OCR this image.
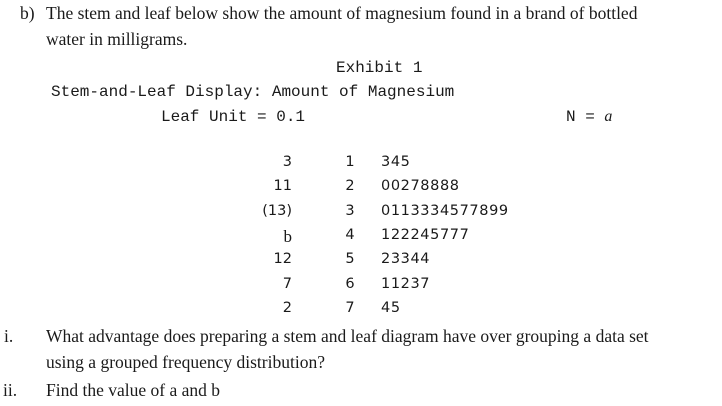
b) The stem and leaf below show the amount of magnesium found in a brand of bottled
water in milligrams.
Exhibit 1
Stem-and-Leaf Display: Amount of Magnesium
Leaf Unit = 0.1	N = a
3	1	345
11	2	00278888
(13)	3	0113334577899
b	4	122245777
12	5	23344
7	6	11237
2	7	45
i. What advantage does preparing a stem and leaf diagram have over grouping a data set
using a grouped frequency distribution?
ii. Find the value of a and b
